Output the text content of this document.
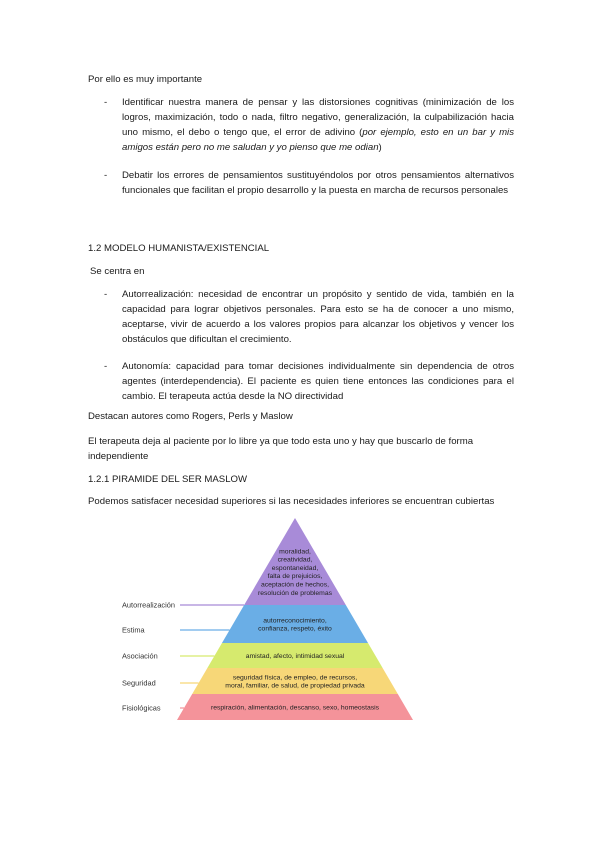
Por ello es muy importante

- Identificar nuestra manera de pensar y las distorsiones cognitivas (minimización de los logros, maximización, todo o nada, filtro negativo, generalización, la culpabilización hacia uno mismo, el debo o tengo que, el error de adivino (por ejemplo, esto en un bar y mis amigos están pero no me saludan y yo pienso que me odian)

- Debatir los errores de pensamientos sustituyéndolos por otros pensamientos alternativos funcionales que facilitan el propio desarrollo y la puesta en marcha de recursos personales

1.2 MODELO HUMANISTA/EXISTENCIAL

Se centra en

- Autorrealización: necesidad de encontrar un propósito y sentido de vida, también en la capacidad para lograr objetivos personales. Para esto se ha de conocer a uno mismo, aceptarse, vivir de acuerdo a los valores propios para alcanzar los objetivos y vencer los obstáculos que dificultan el crecimiento.

- Autonomía: capacidad para tomar decisiones individualmente sin dependencia de otros agentes (interdependencia). El paciente es quien tiene entonces las condiciones para el cambio. El terapeuta actúa desde la NO directividad

Destacan autores como Rogers, Perls y Maslow

El terapeuta deja al paciente por lo libre ya que todo esta uno y hay que buscarlo de forma independiente

1.2.1 PIRAMIDE DEL SER MASLOW

Podemos satisfacer necesidad superiores si las necesidades inferiores se encuentran cubiertas

moralidad,
creatividad,
espontaneidad,
falta de prejuicios,
aceptación de hechos,
resolución de problemas
Autorrealización
autorreconocimiento,
confianza, respeto, éxito
Estima
amistad, afecto, intimidad sexual
Asociación
seguridad física, de empleo, de recursos,
moral, familiar, de salud, de propiedad privada
Seguridad
respiración, alimentación, descanso, sexo, homeostasis
Fisiológicas
